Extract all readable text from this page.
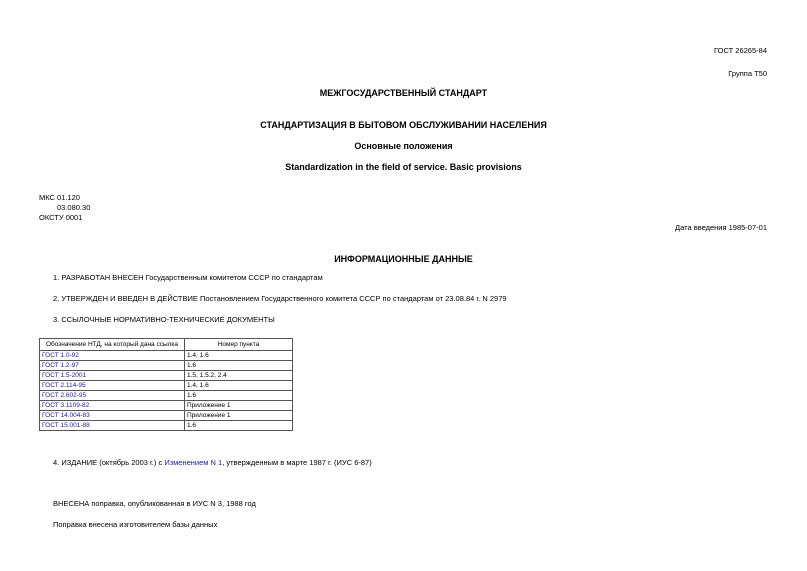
ГОСТ 26265-84
Группа Т50
МЕЖГОСУДАРСТВЕННЫЙ СТАНДАРТ
СТАНДАРТИЗАЦИЯ В БЫТОВОМ ОБСЛУЖИВАНИИ НАСЕЛЕНИЯ
Основные положения
Standardization in the field of service. Basic provisions
МКС 01.120
03.080.30
ОКСТУ 0001
Дата введения 1985-07-01
ИНФОРМАЦИОННЫЕ ДАННЫЕ
1. РАЗРАБОТАН ВНЕСЕН Государственным комитетом СССР по стандартам
2. УТВЕРЖДЕН И ВВЕДЕН В ДЕЙСТВИЕ Постановлением Государственного комитета СССР по стандартам от 23.08.84 г. N 2979
3. ССЫЛОЧНЫЕ НОРМАТИВНО-ТЕХНИЧЕСКИЕ ДОКУМЕНТЫ
Обозначение НТД, на который дана ссылка	Номер пункта
ГОСТ 1.0-92	1.4, 1.6
ГОСТ 1.2-97	1.6
ГОСТ 1.5-2001	1.5, 1.5.2, 2.4
ГОСТ 2.114-95	1.4, 1.6
ГОСТ 2.602-95	1.6
ГОСТ 3.1109-82	Приложение 1
ГОСТ 14.004-83	Приложение 1
ГОСТ 15.001-88	1.6
4. ИЗДАНИЕ (октябрь 2003 г.) с Изменением N 1, утвержденным в марте 1987 г. (ИУС 6-87)
ВНЕСЕНА поправка, опубликованная в ИУС N 3, 1988 год
Поправка внесена изготовителем базы данных
